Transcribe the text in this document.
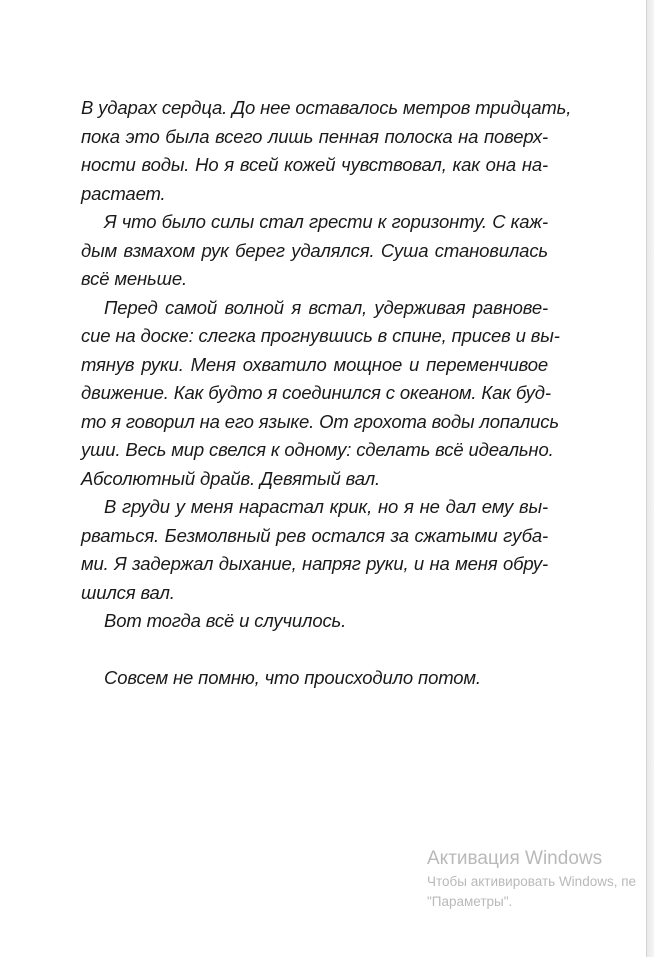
В ударах сердца. До нее оставалось метров тридцать,
пока это была всего лишь пенная полоска на поверх-
ности воды. Но я всей кожей чувствовал, как она на-
растает.
Я что было силы стал грести к горизонту. С каж-
дым взмахом рук берег удалялся. Суша становилась
всё меньше.
Перед самой волной я встал, удерживая равнове-
сие на доске: слегка прогнувшись в спине, присев и вы-
тянув руки. Меня охватило мощное и переменчивое
движение. Как будто я соединился с океаном. Как буд-
то я говорил на его языке. От грохота воды лопались
уши. Весь мир свелся к одному: сделать всё идеально.
Абсолютный драйв. Девятый вал.
В груди у меня нарастал крик, но я не дал ему вы-
рваться. Безмолвный рев остался за сжатыми губа-
ми. Я задержал дыхание, напряг руки, и на меня обру-
шился вал.
Вот тогда всё и случилось.
Совсем не помню, что происходило потом.
Активация Windows
Чтобы активировать Windows, пе
"Параметры".
